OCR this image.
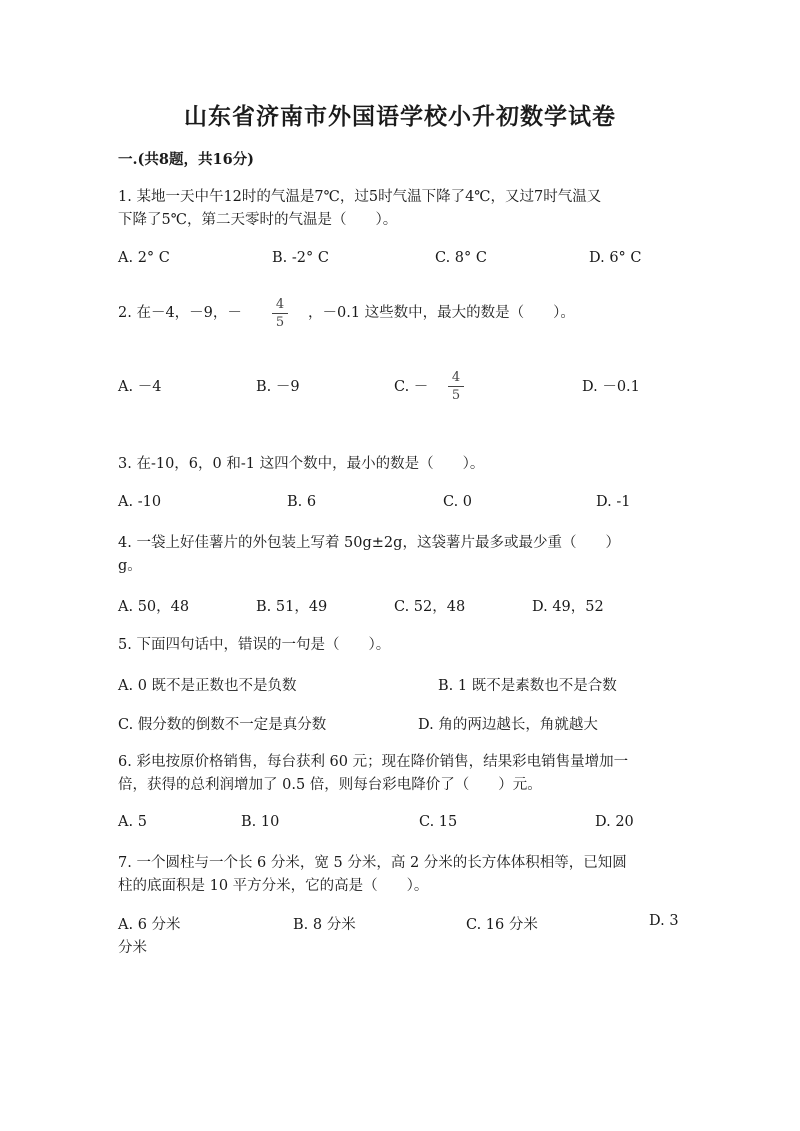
山东省济南市外国语学校小升初数学试卷
一.(共8题，共16分)
1. 某地一天中午12时的气温是7℃，过5时气温下降了4℃，又过7时气温又
下降了5℃，第二天零时的气温是（　　）。
A. 2° C	B. -2° C	C. 8° C	D. 6° C
2. 在－4，－9，－
4
5
，－0.1 这些数中，最大的数是（　　）。
A. －4	B. －9	C. －
4
5
D. －0.1
3. 在-10，6，0 和-1 这四个数中，最小的数是（　　）。
A. -10	B. 6	C. 0	D. -1
4. 一袋上好佳薯片的外包装上写着 50g±2g，这袋薯片最多或最少重（　　）
g。
A. 50，48	B. 51，49	C. 52，48	D. 49，52
5. 下面四句话中，错误的一句是（　　）。
A. 0 既不是正数也不是负数	B. 1 既不是素数也不是合数
C. 假分数的倒数不一定是真分数	D. 角的两边越长，角就越大
6. 彩电按原价格销售，每台获利 60 元；现在降价销售，结果彩电销售量增加一
倍，获得的总利润增加了 0.5 倍，则每台彩电降价了（　　）元。
A. 5	B. 10	C. 15	D. 20
7. 一个圆柱与一个长 6 分米，宽 5 分米，高 2 分米的长方体体积相等，已知圆
柱的底面积是 10 平方分米，它的高是（　　）。
A. 6 分米	B. 8 分米	C. 16 分米	D. 3
分米
